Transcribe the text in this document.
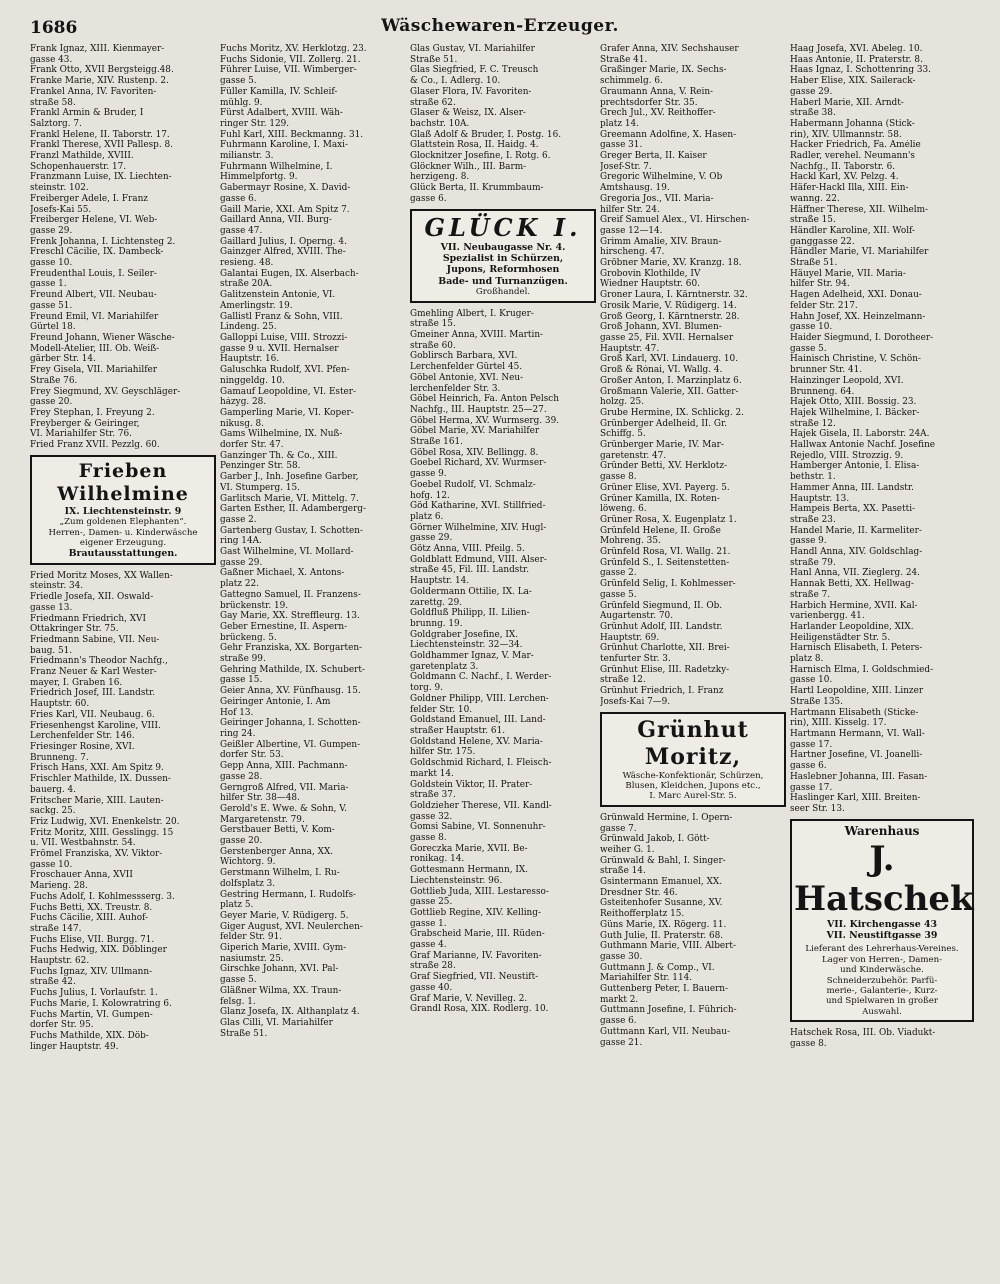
1686	Wäschewaren-Erzeuger.
Frank Ignaz, XIII. Kienmayer-
gasse 43.
Frank Otto, XVII Bergsteigg.48.
Franke Marie, XIV. Rustenp. 2.
Frankel Anna, IV. Favoriten-
straße 58.
Frankl Armin & Bruder, I
Salztorg. 7.
Frankl Helene, II. Taborstr. 17.
Frankl Therese, XVII Pallesp. 8.
Franzl Mathilde, XVIII.
Schopenhauerstr. 17.
Franzmann Luise, IX. Liechten-
steinstr. 102.
Freiberger Adele, I. Franz
Josefs-Kai 55.
Freiberger Helene, VI. Web-
gasse 29.
Frenk Johanna, I. Lichtensteg 2.
Freschl Cäcilie, IX. Dambeck-
gasse 10.
Freudenthal Louis, I. Seiler-
gasse 1.
Freund Albert, VII. Neubau-
gasse 51.
Freund Emil, VI. Mariahilfer
Gürtel 18.
Freund Johann, Wiener Wäsche-
Modell-Atelier, III. Ob. Weiß-
gärber Str. 14.
Frey Gisela, VII. Mariahilfer
Straße 76.
Frey Siegmund, XV. Geyschläger-
gasse 20.
Frey Stephan, I. Freyung 2.
Freyberger & Geiringer,
VI. Mariahilfer Str. 76.
Fried Franz XVII. Pezzlg. 60.
Frieben Wilhelmine
IX. Liechtensteinstr. 9
„Zum goldenen Elephanten“.
Herren-, Damen- u. Kinderwäsche
eigener Erzeugung.
Brautausstattungen.
Fried Moritz Moses, XX Wallen-
steinstr. 34.
Friedle Josefa, XII. Oswald-
gasse 13.
Friedmann Friedrich, XVI
Ottakringer Str. 75.
Friedmann Sabine, VII. Neu-
baug. 51.
Friedmann's Theodor Nachfg.,
Franz Neuer & Karl Wester-
mayer, I. Graben 16.
Friedrich Josef, III. Landstr.
Hauptstr. 60.
Fries Karl, VII. Neubaug. 6.
Friesenhengst Karoline, VIII.
Lerchenfelder Str. 146.
Friesinger Rosine, XVI.
Brunneng. 7.
Frisch Hans, XXI. Am Spitz 9.
Frischler Mathilde, IX. Dussen-
bauerg. 4.
Fritscher Marie, XIII. Lauten-
sackg. 25.
Friz Ludwig, XVI. Enenkelstr. 20.
Fritz Moritz, XIII. Gesslingg. 15
u. VII. Westbahnstr. 54.
Frömel Franziska, XV. Viktor-
gasse 10.
Froschauer Anna, XVII
Marieng. 28.
Fuchs Adolf, I. Kohlmessserg. 3.
Fuchs Betti, XX. Treustr. 8.
Fuchs Cäcilie, XIII. Auhof-
straße 147.
Fuchs Elise, VII. Burgg. 71.
Fuchs Hedwig, XIX. Döblinger
Hauptstr. 62.
Fuchs Ignaz, XIV. Ullmann-
straße 42.
Fuchs Julius, I. Vorlaufstr. 1.
Fuchs Marie, I. Kolowratring 6.
Fuchs Martin, VI. Gumpen-
dorfer Str. 95.
Fuchs Mathilde, XIX. Döb-
linger Hauptstr. 49.
Fuchs Moritz, XV. Herklotzg. 23.
Fuchs Sidonie, VII. Zollerg. 21.
Führer Luise, VII. Wimberger-
gasse 5.
Füller Kamilla, IV. Schleif-
mühlg. 9.
Fürst Adalbert, XVIII. Wäh-
ringer Str. 129.
Fuhl Karl, XIII. Beckmanng. 31.
Fuhrmann Karoline, I. Maxi-
milianstr. 3.
Fuhrmann Wilhelmine, I.
Himmelpfortg. 9.
Gabermayr Rosine, X. David-
gasse 6.
Gaill Marie, XXI. Am Spitz 7.
Gaillard Anna, VII. Burg-
gasse 47.
Gaillard Julius, I. Operng. 4.
Gainzger Alfred, XVIII. The-
resieng. 48.
Galantai Eugen, IX. Alserbach-
straße 20A.
Galitzenstein Antonie, VI.
Amerlingstr. 19.
Gallistl Franz & Sohn, VIII.
Lindeng. 25.
Galloppi Luise, VIII. Strozzi-
gasse 9 u. XVII. Hernalser
Hauptstr. 16.
Galuschka Rudolf, XVI. Pfen-
ninggeldg. 10.
Gamauf Leopoldine, VI. Ester-
házyg. 28.
Gamperling Marie, VI. Koper-
nikusg. 8.
Gams Wilhelmine, IX. Nuß-
dorfer Str. 47.
Ganzinger Th. & Co., XIII.
Penzinger Str. 58.
Garber J., Inh. Josefine Garber,
VI. Stumperg. 15.
Garlitsch Marie, VI. Mittelg. 7.
Garten Esther, II. Adambergerg-
gasse 2.
Gartenberg Gustav, I. Schotten-
ring 14A.
Gast Wilhelmine, VI. Mollard-
gasse 29.
Gaßner Michael, X. Antons-
platz 22.
Gattegno Samuel, II. Franzens-
brückenstr. 19.
Gay Marie, XX. Streffleurg. 13.
Geber Ernestine, II. Aspern-
brückeng. 5.
Gehr Franziska, XX. Borgarten-
straße 99.
Gehring Mathilde, IX. Schubert-
gasse 15.
Geier Anna, XV. Fünfhausg. 15.
Geiringer Antonie, I. Am
Hof 13.
Geiringer Johanna, I. Schotten-
ring 24.
Geißler Albertine, VI. Gumpen-
dorfer Str. 53.
Gepp Anna, XIII. Pachmann-
gasse 28.
Gerngroß Alfred, VII. Maria-
hilfer Str. 38—48.
Gerold's E. Wwe. & Sohn, V.
Margaretenstr. 79.
Gerstbauer Betti, V. Kom-
gasse 20.
Gerstenberger Anna, XX.
Wichtorg. 9.
Gerstmann Wilhelm, I. Ru-
dolfsplatz 3.
Gestring Hermann, I. Rudolfs-
platz 5.
Geyer Marie, V. Rüdigerg. 5.
Giger August, XVI. Neulerchen-
felder Str. 91.
Giperich Marie, XVIII. Gym-
nasiumstr. 25.
Girschke Johann, XVI. Pal-
gasse 5.
Gläßner Wilma, XX. Traun-
felsg. 1.
Glanz Josefa, IX. Althanplatz 4.
Glas Cilli, VI. Mariahilfer
Straße 51.
Glas Gustav, VI. Mariahilfer
Straße 51.
Glas Siegfried, F. C. Treusch
& Co., I. Adlerg. 10.
Glaser Flora, IV. Favoriten-
straße 62.
Glaser & Weisz, IX. Alser-
bachstr. 10A.
Glaß Adolf & Bruder, I. Postg. 16.
Glattstein Rosa, II. Haidg. 4.
Glocknitzer Josefine, I. Rotg. 6.
Glöckner Wilh., III. Barm-
herzigeng. 8.
Glück Berta, II. Krummbaum-
gasse 6.
GLÜCK I.
VII. Neubaugasse Nr. 4.
Spezialist in Schürzen,
Jupons, Reformhosen
Bade- und Turnanzügen.
Großhandel.
Gmehling Albert, I. Kruger-
straße 15.
Gmeiner Anna, XVIII. Martin-
straße 60.
Goblirsch Barbara, XVI.
Lerchenfelder Gürtel 45.
Göbel Antonie, XVI. Neu-
lerchenfelder Str. 3.
Göbel Heinrich, Fa. Anton Pelsch
Nachfg., III. Hauptstr. 25—27.
Göbel Herma, XV. Wurmserg. 39.
Göbel Marie, XV. Mariahilfer
Straße 161.
Göbel Rosa, XIV. Bellingg. 8.
Goebel Richard, XV. Wurmser-
gasse 9.
Goebel Rudolf, VI. Schmalz-
hofg. 12.
Göd Katharine, XVI. Stillfried-
platz 6.
Görner Wilhelmine, XIV. Hugl-
gasse 29.
Götz Anna, VIII. Pfeilg. 5.
Goldblatt Edmund, VIII. Alser-
straße 45, Fil. III. Landstr.
Hauptstr. 14.
Goldermann Ottilie, IX. La-
zarettg. 29.
Goldfluß Philipp, II. Lilien-
brunng. 19.
Goldgraber Josefine, IX.
Liechtensteinstr. 32—34.
Goldhammer Ignaz, V. Mar-
garetenplatz 3.
Goldmann C. Nachf., I. Werder-
torg. 9.
Goldner Philipp, VIII. Lerchen-
felder Str. 10.
Goldstand Emanuel, III. Land-
straßer Hauptstr. 61.
Goldstand Helene, XV. Maria-
hilfer Str. 175.
Goldschmid Richard, I. Fleisch-
markt 14.
Goldstein Viktor, II. Prater-
straße 37.
Goldzieher Therese, VII. Kandl-
gasse 32.
Gomsi Sabine, VI. Sonnenuhr-
gasse 8.
Goreczka Marie, XVII. Be-
ronikag. 14.
Gottesmann Hermann, IX.
Liechtensteinstr. 96.
Gottlieb Juda, XIII. Lestaresso-
gasse 25.
Gottlieb Regine, XIV. Kelling-
gasse 1.
Grabscheid Marie, III. Rüden-
gasse 4.
Graf Marianne, IV. Favoriten-
straße 28.
Graf Siegfried, VII. Neustift-
gasse 40.
Graf Marie, V. Nevilleg. 2.
Grandl Rosa, XIX. Rodlerg. 10.
Grafer Anna, XIV. Sechshauser
Straße 41.
Graßinger Marie, IX. Sechs-
schimmelg. 6.
Graumann Anna, V. Rein-
prechtsdorfer Str. 35.
Grech Jul., XV. Reithoffer-
platz 14.
Greemann Adolfine, X. Hasen-
gasse 31.
Greger Berta, II. Kaiser
Josef-Str. 7.
Gregoric Wilhelmine, V. Ob
Amtshausg. 19.
Gregoria Jos., VII. Maria-
hilfer Str. 24.
Greif Samuel Alex., VI. Hirschen-
gasse 12—14.
Grimm Amalie, XIV. Braun-
hirscheng. 47.
Gröbner Marie, XV. Kranzg. 18.
Grobovin Klothilde, IV
Wiedner Hauptstr. 60.
Groner Laura, I. Kärntnerstr. 32.
Grosik Marie, V. Rüdigerg. 14.
Groß Georg, I. Kärntnerstr. 28.
Groß Johann, XVI. Blumen-
gasse 25, Fil. XVII. Hernalser
Hauptstr. 47.
Groß Karl, XVI. Lindauerg. 10.
Groß & Rónai, VI. Wallg. 4.
Großer Anton, I. Marzinplatz 6.
Großmann Valerie, XII. Gatter-
holzg. 25.
Grube Hermine, IX. Schlickg. 2.
Grünberger Adelheid, II. Gr.
Schiffg. 5.
Grünberger Marie, IV. Mar-
garetenstr. 47.
Gründer Betti, XV. Herklotz-
gasse 8.
Grüner Elise, XVI. Payerg. 5.
Grüner Kamilla, IX. Roten-
löweng. 6.
Grüner Rosa, X. Eugenplatz 1.
Grünfeld Helene, II. Große
Mohreng. 35.
Grünfeld Rosa, VI. Wallg. 21.
Grünfeld S., I. Seitenstetten-
gasse 2.
Grünfeld Selig, I. Kohlmesser-
gasse 5.
Grünfeld Siegmund, II. Ob.
Augartenstr. 70.
Grünhut Adolf, III. Landstr.
Hauptstr. 69.
Grünhut Charlotte, XII. Brei-
tenfurter Str. 3.
Grünhut Elise, III. Radetzky-
straße 12.
Grünhut Friedrich, I. Franz
Josefs-Kai 7—9.
Grünhut Moritz,
Wäsche-Konfektionär, Schürzen,
Blusen, Kleidchen, Jupons etc.,
I. Marc Aurel-Str. 5.
Grünwald Hermine, I. Opern-
gasse 7.
Grünwald Jakob, I. Gött-
weiher G. 1.
Grünwald & Bahl, I. Singer-
straße 14.
Gsintermann Emanuel, XX.
Dresdner Str. 46.
Gsteitenhofer Susanne, XV.
Reithofferplatz 15.
Güns Marie, IX. Rögerg. 11.
Guth Julie, II. Praterstr. 68.
Guthmann Marie, VIII. Albert-
gasse 30.
Guttmann J. & Comp., VI.
Mariahilfer Str. 114.
Guttenberg Peter, I. Bauern-
markt 2.
Guttmann Josefine, I. Führich-
gasse 6.
Guttmann Karl, VII. Neubau-
gasse 21.
Haag Josefa, XVI. Abeleg. 10.
Haas Antonie, II. Praterstr. 8.
Haas Ignaz, I. Schottenring 33.
Haber Elise, XIX. Sailerack-
gasse 29.
Haberl Marie, XII. Arndt-
straße 38.
Habermann Johanna (Stick-
rin), XIV. Ullmannstr. 58.
Hacker Friedrich, Fa. Amélie
Radler, verehel. Neumann's
Nachfg., II. Taborstr. 6.
Hackl Karl, XV. Pelzg. 4.
Häfer-Hackl Illa, XIII. Ein-
wanng. 22.
Häffner Therese, XII. Wilhelm-
straße 15.
Händler Karoline, XII. Wolf-
ganggasse 22.
Händler Marie, VI. Mariahilfer
Straße 51.
Häuyel Marie, VII. Maria-
hilfer Str. 94.
Hagen Adelheid, XXI. Donau-
felder Str. 217.
Hahn Josef, XX. Heinzelmann-
gasse 10.
Haider Siegmund, I. Dorotheer-
gasse 5.
Hainisch Christine, V. Schön-
brunner Str. 41.
Hainzinger Leopold, XVI.
Brunneng. 64.
Hajek Otto, XIII. Bossig. 23.
Hajek Wilhelmine, I. Bäcker-
straße 12.
Hajek Gisela, II. Laborstr. 24A.
Hallwax Antonie Nachf. Josefine
Rejedlo, VIII. Strozzig. 9.
Hamberger Antonie, I. Elisa-
bethstr. 1.
Hammer Anna, III. Landstr.
Hauptstr. 13.
Hampeis Berta, XX. Pasetti-
straße 23.
Handel Marie, II. Karmeliter-
gasse 9.
Handl Anna, XIV. Goldschlag-
straße 79.
Hanl Anna, VII. Zieglerg. 24.
Hannak Betti, XX. Hellwag-
straße 7.
Harbich Hermine, XVII. Kal-
varienbergg. 41.
Harlander Leopoldine, XIX.
Heiligenstädter Str. 5.
Harnisch Elisabeth, I. Peters-
platz 8.
Harnisch Elma, I. Goldschmied-
gasse 10.
Hartl Leopoldine, XIII. Linzer
Straße 135.
Hartmann Elisabeth (Sticke-
rin), XIII. Kisselg. 17.
Hartmann Hermann, VI. Wall-
gasse 17.
Hartner Josefine, VI. Joanelli-
gasse 6.
Haslebner Johanna, III. Fasan-
gasse 17.
Haslinger Karl, XIII. Breiten-
seer Str. 13.
Warenhaus
J. Hatschek
VII. Kirchengasse 43
VII. Neustiftgasse 39
Lieferant des Lehrerhaus-Vereines.
Lager von Herren-, Damen-
und Kinderwäsche.
Schneiderzubehör. Parfü-
merie-, Galanterie-, Kurz-
und Spielwaren in großer
Auswahl.
Hatschek Rosa, III. Ob. Viadukt-
gasse 8.
